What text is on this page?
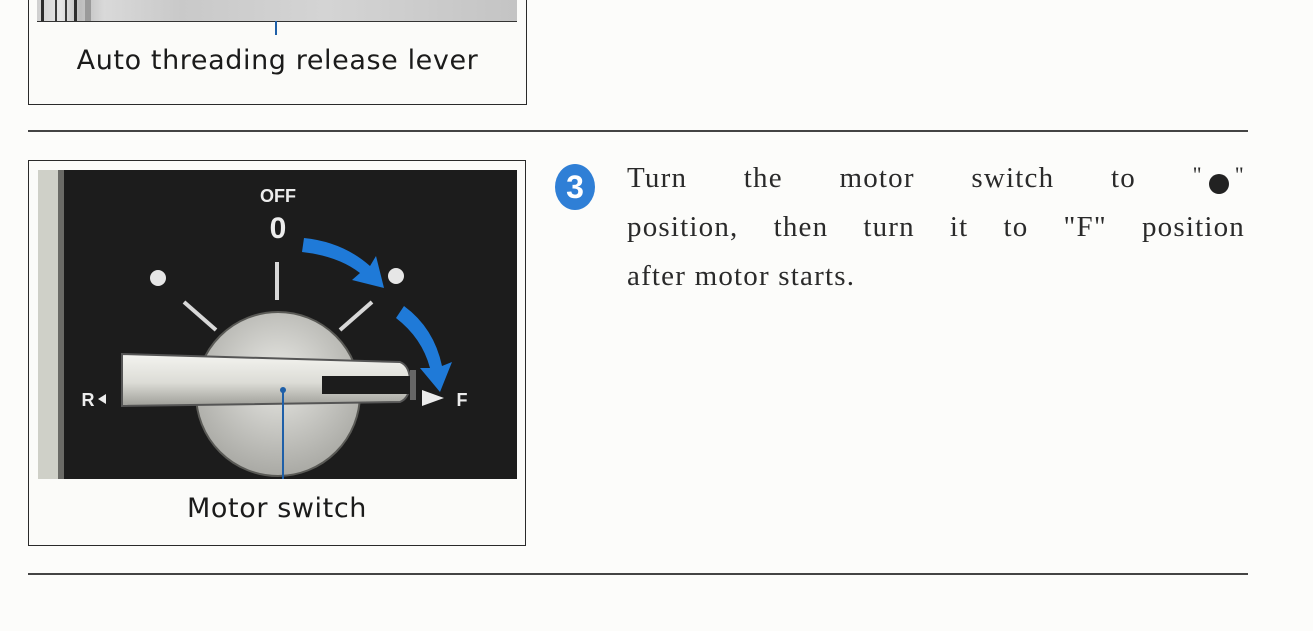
Auto threading release lever
OFF
0
R	F
Motor switch
3	Turn the motor switch to	" "

position, then turn it to "F" position

after motor starts.
